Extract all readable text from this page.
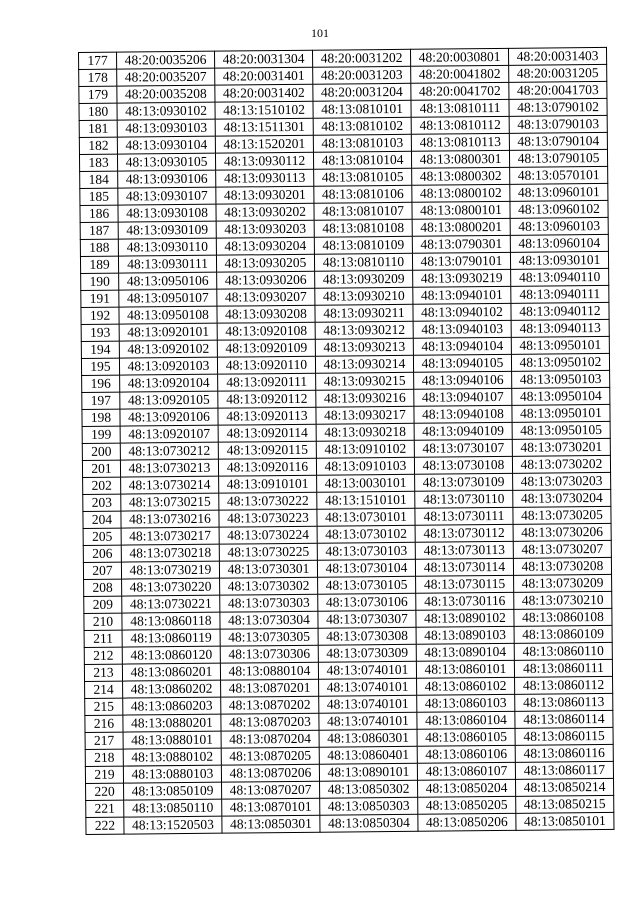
101
177	48:20:0035206	48:20:0031304	48:20:0031202	48:20:0030801	48:20:0031403
178	48:20:0035207	48:20:0031401	48:20:0031203	48:20:0041802	48:20:0031205
179	48:20:0035208	48:20:0031402	48:20:0031204	48:20:0041702	48:20:0041703
180	48:13:0930102	48:13:1510102	48:13:0810101	48:13:0810111	48:13:0790102
181	48:13:0930103	48:13:1511301	48:13:0810102	48:13:0810112	48:13:0790103
182	48:13:0930104	48:13:1520201	48:13:0810103	48:13:0810113	48:13:0790104
183	48:13:0930105	48:13:0930112	48:13:0810104	48:13:0800301	48:13:0790105
184	48:13:0930106	48:13:0930113	48:13:0810105	48:13:0800302	48:13:0570101
185	48:13:0930107	48:13:0930201	48:13:0810106	48:13:0800102	48:13:0960101
186	48:13:0930108	48:13:0930202	48:13:0810107	48:13:0800101	48:13:0960102
187	48:13:0930109	48:13:0930203	48:13:0810108	48:13:0800201	48:13:0960103
188	48:13:0930110	48:13:0930204	48:13:0810109	48:13:0790301	48:13:0960104
189	48:13:0930111	48:13:0930205	48:13:0810110	48:13:0790101	48:13:0930101
190	48:13:0950106	48:13:0930206	48:13:0930209	48:13:0930219	48:13:0940110
191	48:13:0950107	48:13:0930207	48:13:0930210	48:13:0940101	48:13:0940111
192	48:13:0950108	48:13:0930208	48:13:0930211	48:13:0940102	48:13:0940112
193	48:13:0920101	48:13:0920108	48:13:0930212	48:13:0940103	48:13:0940113
194	48:13:0920102	48:13:0920109	48:13:0930213	48:13:0940104	48:13:0950101
195	48:13:0920103	48:13:0920110	48:13:0930214	48:13:0940105	48:13:0950102
196	48:13:0920104	48:13:0920111	48:13:0930215	48:13:0940106	48:13:0950103
197	48:13:0920105	48:13:0920112	48:13:0930216	48:13:0940107	48:13:0950104
198	48:13:0920106	48:13:0920113	48:13:0930217	48:13:0940108	48:13:0950101
199	48:13:0920107	48:13:0920114	48:13:0930218	48:13:0940109	48:13:0950105
200	48:13:0730212	48:13:0920115	48:13:0910102	48:13:0730107	48:13:0730201
201	48:13:0730213	48:13:0920116	48:13:0910103	48:13:0730108	48:13:0730202
202	48:13:0730214	48:13:0910101	48:13:0030101	48:13:0730109	48:13:0730203
203	48:13:0730215	48:13:0730222	48:13:1510101	48:13:0730110	48:13:0730204
204	48:13:0730216	48:13:0730223	48:13:0730101	48:13:0730111	48:13:0730205
205	48:13:0730217	48:13:0730224	48:13:0730102	48:13:0730112	48:13:0730206
206	48:13:0730218	48:13:0730225	48:13:0730103	48:13:0730113	48:13:0730207
207	48:13:0730219	48:13:0730301	48:13:0730104	48:13:0730114	48:13:0730208
208	48:13:0730220	48:13:0730302	48:13:0730105	48:13:0730115	48:13:0730209
209	48:13:0730221	48:13:0730303	48:13:0730106	48:13:0730116	48:13:0730210
210	48:13:0860118	48:13:0730304	48:13:0730307	48:13:0890102	48:13:0860108
211	48:13:0860119	48:13:0730305	48:13:0730308	48:13:0890103	48:13:0860109
212	48:13:0860120	48:13:0730306	48:13:0730309	48:13:0890104	48:13:0860110
213	48:13:0860201	48:13:0880104	48:13:0740101	48:13:0860101	48:13:0860111
214	48:13:0860202	48:13:0870201	48:13:0740101	48:13:0860102	48:13:0860112
215	48:13:0860203	48:13:0870202	48:13:0740101	48:13:0860103	48:13:0860113
216	48:13:0880201	48:13:0870203	48:13:0740101	48:13:0860104	48:13:0860114
217	48:13:0880101	48:13:0870204	48:13:0860301	48:13:0860105	48:13:0860115
218	48:13:0880102	48:13:0870205	48:13:0860401	48:13:0860106	48:13:0860116
219	48:13:0880103	48:13:0870206	48:13:0890101	48:13:0860107	48:13:0860117
220	48:13:0850109	48:13:0870207	48:13:0850302	48:13:0850204	48:13:0850214
221	48:13:0850110	48:13:0870101	48:13:0850303	48:13:0850205	48:13:0850215
222	48:13:1520503	48:13:0850301	48:13:0850304	48:13:0850206	48:13:0850101
